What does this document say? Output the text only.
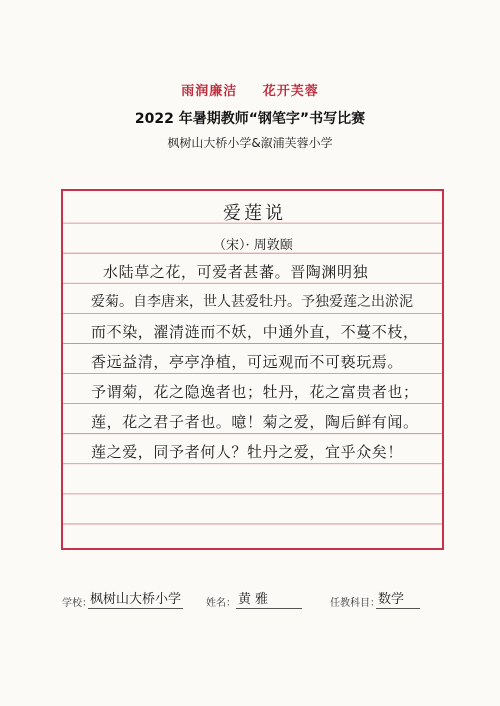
雨润廉洁 花开芙蓉
2022 年暑期教师“钢笔字”书写比赛
枫树山大桥小学&溆浦芙蓉小学
爱莲说
（宋）· 周敦颐
水陆草之花，可爱者甚蕃。晋陶渊明独
爱菊。自李唐来，世人甚爱牡丹。予独爱莲之出淤泥
而不染，濯清涟而不妖，中通外直，不蔓不枝，
香远益清，亭亭净植，可远观而不可亵玩焉。
予谓菊，花之隐逸者也；牡丹，花之富贵者也；
莲，花之君子者也。噫！菊之爱，陶后鲜有闻。
莲之爱，同予者何人？牡丹之爱，宜乎众矣！
学校：
枫树山大桥小学 姓名： 黄雅	任教科目：
数学
